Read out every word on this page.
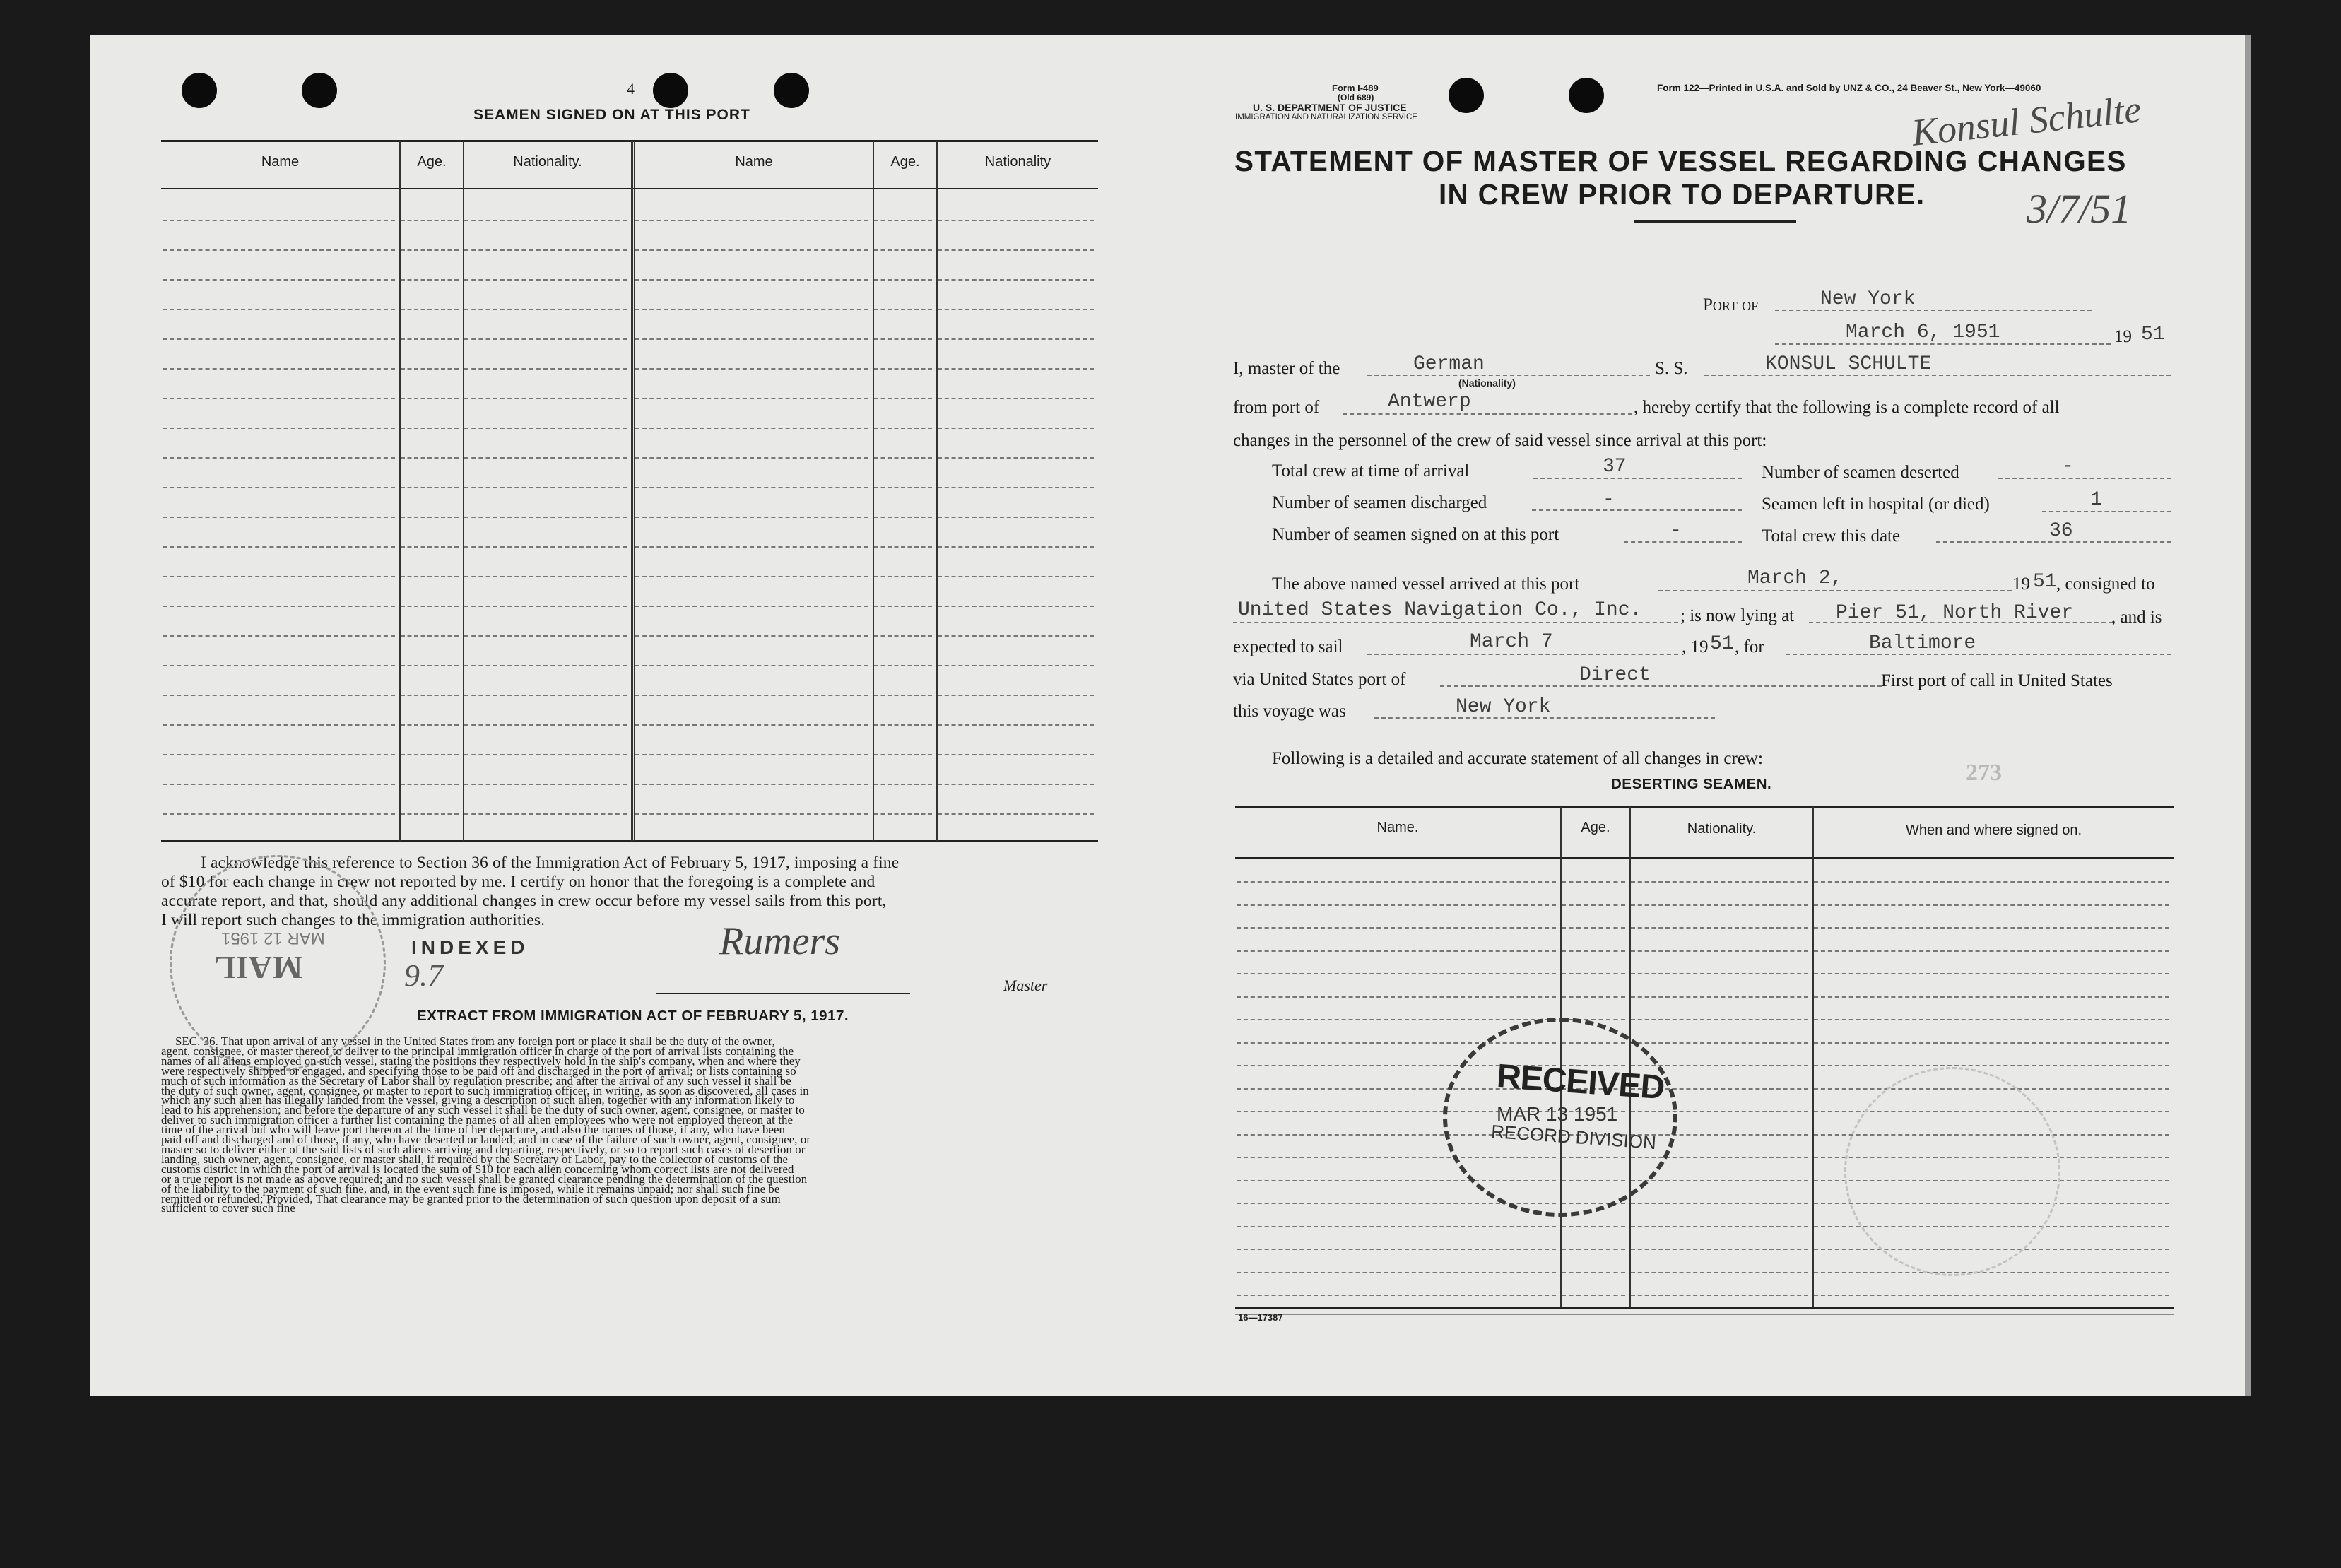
4
SEAMEN SIGNED ON AT THIS PORT
Name	Age.	Nationality.	Name	Age.	Nationality
I acknowledge this reference to Section 36 of the Immigration Act of February 5, 1917, imposing a fine
of $10 for each change in crew not reported by me. I certify on honor that the foregoing is a complete and
accurate report, and that, should any additional changes in crew occur before my vessel sails from this port,
I will report such changes to the immigration authorities.
INDEXED
9.7
Rumers
Master
MAIL
MAR 12 1951
EXTRACT FROM IMMIGRATION ACT OF FEBRUARY 5, 1917.
SEC. 36. That upon arrival of any vessel in the United States from any foreign port or place it shall be the duty of the owner,
agent, consignee, or master thereof to deliver to the principal immigration officer in charge of the port of arrival lists containing the
names of all aliens employed on such vessel, stating the positions they respectively hold in the ship's company, when and where they
were respectively shipped or engaged, and specifying those to be paid off and discharged in the port of arrival; or lists containing so
much of such information as the Secretary of Labor shall by regulation prescribe; and after the arrival of any such vessel it shall be
the duty of such owner, agent, consignee, or master to report to such immigration officer, in writing, as soon as discovered, all cases in
which any such alien has illegally landed from the vessel, giving a description of such alien, together with any information likely to
lead to his apprehension; and before the departure of any such vessel it shall be the duty of such owner, agent, consignee, or master to
deliver to such immigration officer a further list containing the names of all alien employees who were not employed thereon at the
time of the arrival but who will leave port thereon at the time of her departure, and also the names of those, if any, who have been
paid off and discharged and of those, if any, who have deserted or landed; and in case of the failure of such owner, agent, consignee, or
master so to deliver either of the said lists of such aliens arriving and departing, respectively, or so to report such cases of desertion or
landing, such owner, agent, consignee, or master shall, if required by the Secretary of Labor, pay to the collector of customs of the
customs district in which the port of arrival is located the sum of $10 for each alien concerning whom correct lists are not delivered
or a true report is not made as above required; and no such vessel shall be granted clearance pending the determination of the question
of the liability to the payment of such fine, and, in the event such fine is imposed, while it remains unpaid; nor shall such fine be
remitted or refunded; Provided, That clearance may be granted prior to the determination of such question upon deposit of a sum
sufficient to cover such fine
Form I-489
(Old 689)
U. S. DEPARTMENT OF JUSTICE
IMMIGRATION AND NATURALIZATION SERVICE
Form 122—Printed in U.S.A. and Sold by UNZ & CO., 24 Beaver St., New York—49060
Konsul Schulte
3/7/51
STATEMENT OF MASTER OF VESSEL REGARDING CHANGES
IN CREW PRIOR TO DEPARTURE.
Port of	New York
March 6, 1951	19 51
I, master of the	German
(Nationality)
S. S.	KONSUL SCHULTE
from port of	Antwerp	, hereby certify that the following is a complete record of all
changes in the personnel of the crew of said vessel since arrival at this port:
Total crew at time of arrival	37	Number of seamen deserted	-
Number of seamen discharged	-	Seamen left in hospital (or died)	1
Number of seamen signed on at this port	-	Total crew this date	36
The above named vessel arrived at this port	March 2,	19 51 , consigned to
United States Navigation Co., Inc. ; is now lying at Pier 51, North River , and is
expected to sail	March 7	, 19 51 , for	Baltimore
via United States port of	Direct	First port of call in United States
this voyage was	New York
Following is a detailed and accurate statement of all changes in crew:
DESERTING SEAMEN.	273
Name.	Age.	Nationality.	When and where signed on.
RECEIVED
MAR 13 1951
RECORD DIVISION
16—17387
